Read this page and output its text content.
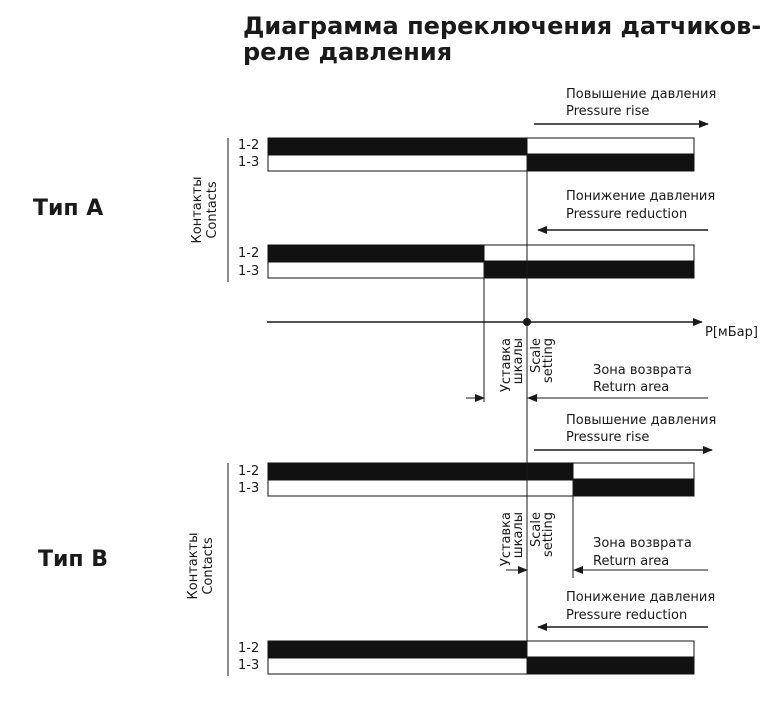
Диаграмма переключения датчиков-
реле давления
Тип А	Контакты Contacts
Повышение давления
Pressure rise
1-2
1-3
Понижение давления
Pressure reduction
1-2
1-3
P[мБар]
Уставка
шкалы Scale
setting	Зона возврата
Return area
Тип В	Контакты Contacts
Повышение давления
Pressure rise
1-2
1-3
Уставка
шкалы Scale
setting	Зона возврата
Return area
Понижение давления
Pressure reduction
1-2
1-3
